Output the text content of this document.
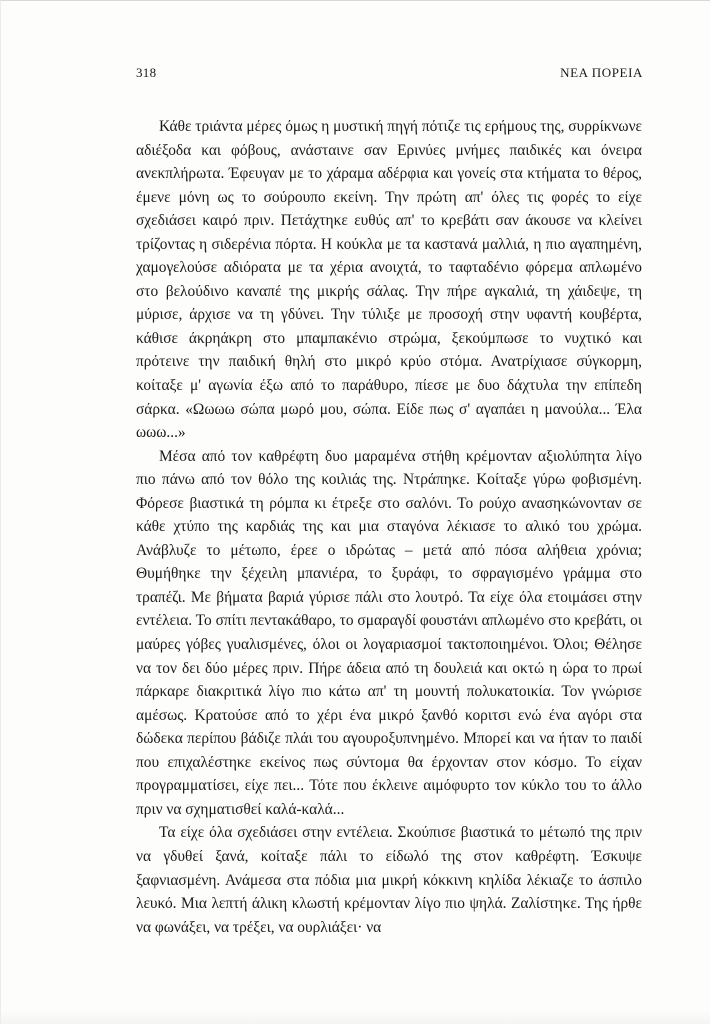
318	ΝΕΑ ΠΟΡΕΙΑ

Κάθε τριάντα μέρες όμως η μυστική πηγή πότιζε τις ερήμους της, συρρίκνωνε αδιέξοδα και φόβους, ανάσταινε σαν Ερινύες μνήμες παιδικές και όνειρα ανεκπλήρωτα. Έφευγαν με το χάραμα αδέρφια και γονείς στα κτήματα το θέρος, έμενε μόνη ως το σούρουπο εκείνη. Την πρώτη απ' όλες τις φορές το είχε σχεδιάσει καιρό πριν. Πετάχτηκε ευθύς απ' το κρεβάτι σαν άκουσε να κλείνει τρίζοντας η σιδερένια πόρτα. Η κούκλα με τα καστανά μαλλιά, η πιο αγαπημένη, χαμογελούσε αδιόρατα με τα χέρια ανοιχτά, το ταφταδένιο φόρεμα απλωμένο στο βελούδινο καναπέ της μικρής σάλας. Την πήρε αγκαλιά, τη χάιδεψε, τη μύρισε, άρχισε να τη γδύνει. Την τύλιξε με προσοχή στην υφαντή κουβέρτα, κάθισε άκρηάκρη στο μπαμπακένιο στρώμα, ξεκούμπωσε το νυχτικό και πρότεινε την παιδική θηλή στο μικρό κρύο στόμα. Ανατρίχιασε σύγκορμη, κοίταξε μ' αγωνία έξω από το παράθυρο, πίεσε με δυο δάχτυλα την επίπεδη σάρκα. «Ωωωω σώπα μωρό μου, σώπα. Είδε πως σ' αγαπάει η μανούλα... Έλα ωωω...»

Μέσα από τον καθρέφτη δυο μαραμένα στήθη κρέμονταν αξιολύπητα λίγο πιο πάνω από τον θόλο της κοιλιάς της. Ντράπηκε. Κοίταξε γύρω φοβισμένη. Φόρεσε βιαστικά τη ρόμπα κι έτρεξε στο σαλόνι. Το ρούχο ανασηκώνονταν σε κάθε χτύπο της καρδιάς της και μια σταγόνα λέκιασε το αλικό του χρώμα. Ανάβλυζε το μέτωπο, έρεε ο ιδρώτας – μετά από πόσα αλήθεια χρόνια; Θυμήθηκε την ξέχειλη μπανιέρα, το ξυράφι, το σφραγισμένο γράμμα στο τραπέζι. Με βήματα βαριά γύρισε πάλι στο λουτρό. Τα είχε όλα ετοιμάσει στην εντέλεια. Το σπίτι πεντακάθαρο, το σμαραγδί φουστάνι απλωμένο στο κρεβάτι, οι μαύρες γόβες γυαλισμένες, όλοι οι λογαριασμοί τακτοποιημένοι. Όλοι; Θέλησε να τον δει δύο μέρες πριν. Πήρε άδεια από τη δουλειά και οκτώ η ώρα το πρωί πάρκαρε διακριτικά λίγο πιο κάτω απ' τη μουντή πολυκατοικία. Τον γνώρισε αμέσως. Κρατούσε από το χέρι ένα μικρό ξανθό κοριτσι ενώ ένα αγόρι στα δώδεκα περίπου βάδιζε πλάι του αγουροξυπνημένο. Μπορεί και να ήταν το παιδί που επιχαλέστηκε εκείνος πως σύντομα θα έρχονταν στον κόσμο. Το είχαν προγραμματίσει, είχε πει... Τότε που έκλεινε αιμόφυρτο τον κύκλο του το άλλο πριν να σχηματισθεί καλά-καλά...

Τα είχε όλα σχεδιάσει στην εντέλεια. Σκούπισε βιαστικά το μέτωπό της πριν να γδυθεί ξανά, κοίταξε πάλι το είδωλό της στον καθρέφτη. Έσκυψε ξαφνιασμένη. Ανάμεσα στα πόδια μια μικρή κόκκινη κηλίδα λέκιαζε το άσπιλο λευκό. Μια λεπτή άλικη κλωστή κρέμονταν λίγο πιο ψηλά. Ζαλίστηκε. Της ήρθε να φωνάξει, να τρέξει, να ουρλιάξει· να
